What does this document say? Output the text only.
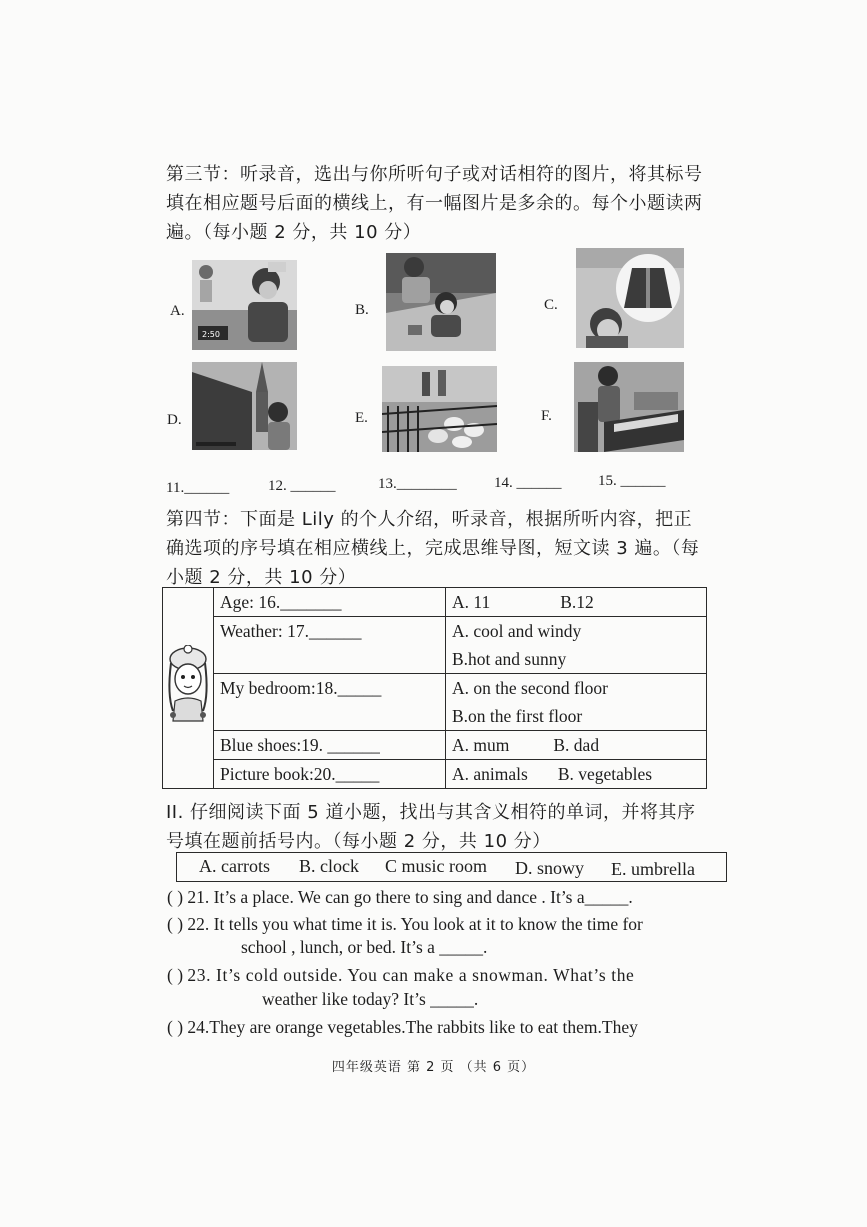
第三节：听录音，选出与你所听句子或对话相符的图片，将其标号
填在相应题号后面的横线上，有一幅图片是多余的。每个小题读两
遍。（每小题 2 分，共 10 分）
A.
2:50
B.	C.
D.	E.	F.
11.______	12. ______	13.________ 14. ______ 15. ______
第四节：下面是 Lily 的个人介绍，听录音，根据所听内容，把正
确选项的序号填在相应横线上，完成思维导图，短文读 3 遍。（每
小题 2 分，共 10 分）
	Age: 16._______	A. 11 B.12
	Weather: 17.______	A. cool and windy
		B.hot and sunny
	My bedroom:18._____	A. on the second floor
		B.on the first floor
	Blue shoes:19. ______	A. mum B. dad
	Picture book:20._____	A. animals B. vegetables
II. 仔细阅读下面 5 道小题，找出与其含义相符的单词，并将其序
号填在题前括号内。（每小题 2 分，共 10 分）
A. carrots B. clock C music room D. snowy E. umbrella
( ) 21. It’s a place. We can go there to sing and dance . It’s a_____.
( ) 22. It tells you what time it is. You look at it to know the time for
school , lunch, or bed. It’s a _____.
( ) 23. It’s cold outside. You can make a snowman. What’s the
weather like today? It’s _____.
( ) 24.They are orange vegetables.The rabbits like to eat them.They
四年级英语 第 2 页 （共 6 页）
